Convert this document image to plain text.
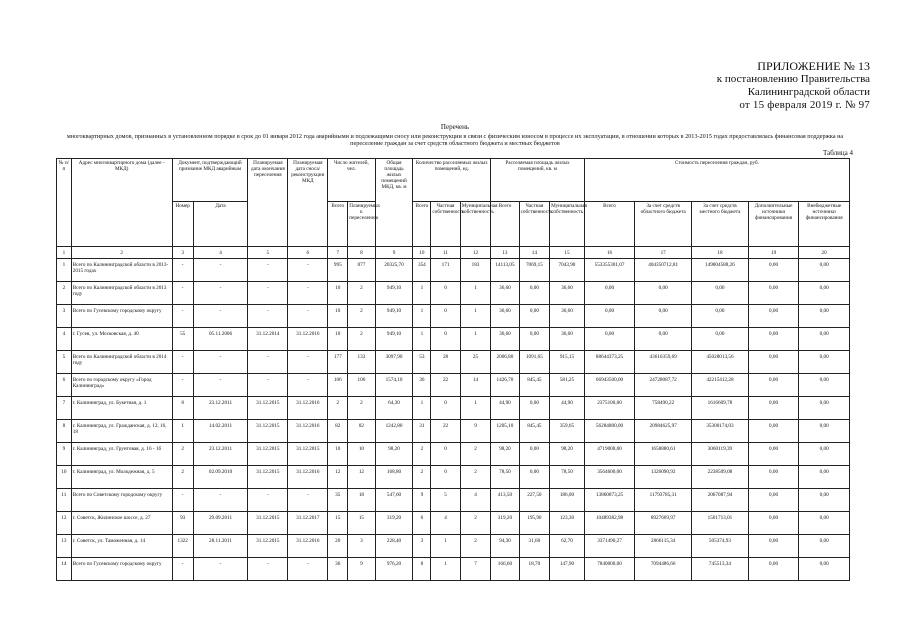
ПРИЛОЖЕНИЕ № 13
к постановлению Правительства
Калининградской области
от 15 февраля 2019 г. № 97
Перечень
многоквартирных домов, признанных в установленном порядке в срок до 01 января 2012 года аварийными и подлежащими сносу или реконструкции в связи с физическим износом в процессе их эксплуатации, в отношении которых в 2013-2015 годах предоставлялась финансовая поддержка на переселение граждан за счет средств областного бюджета и местных бюджетов
Таблица 4
№ п/п	Адрес многоквартирного дома (далее - МКД)	Документ, подтверждающий признание МКД аварийным		Планируемая дата окончания переселения	Планируемая дата сноса/реконструкции МКД	Число жителей, чел.		Общая площадь жилых помещений МКД, кв. м	Количество расселяемых жилых помещений, ед.			Расселяемая площадь жилых помещений, кв. м			Стоимость переселения граждан, руб.				
		Номер	Дата			Всего	Планируемых к переселению		Всего	Частная собственность	Муниципальная собственность	Всего	Частная собственность	Муниципальная собственность	Всего	За счет средств областного бюджета	За счет средств местного бюджета	Дополнительные источники финансирования	Внебюджетные источники финансирования
1	2	3	4	5	6	7	8	9	10	11	12	13	14	15	16	17	18	19	20
1	Всего по Калининградской области в 2013-2015 годах	-	-	-	-	995	877	20325,70	354	171	183	14113,05	7069,15	7043,90	553355301,07	404350712,81	149004588,26	0,00	0,00
2	Всего по Калининградской области в 2013 году	-	-	-	-	10	2	949,10	1	0	1	36,60	0,00	36,60	0,00	0,00	0,00	0,00	0,00
3	Всего по Гусевскому городскому округу	-	-	-	-	10	2	949,10	1	0	1	36,60	0,00	36,60	0,00	0,00	0,00	0,00	0,00
4	г. Гусев, ул. Московская, д. 40	55	05.11.2006	31.12.2014	31.12.2016	10	2	949,10	1	0	1	36,60	0,00	36,60	0,00	0,00	0,00	0,00	0,00
5	Всего по Калининградской области в 2014 году	-	-	-	-	177	133	3097,90	53	28	25	2006,80	1091,65	915,15	88644373,25	43616359,69	45028013,56	0,00	0,00
6	Всего по городскому округу «Город Калининград»	-	-	-	-	106	106	1574,10	36	22	14	1426,70	845,45	581,25	66943500,00	24728087,72	42215412,28	0,00	0,00
7	г. Калининград, ул. Букетная, д. 1	8	23.12.2011	31.12.2015	31.12.2016	2	2	64,30	1	0	1	44,90	0,00	44,90	2375100,00	758490,22	1616609,78	0,00	0,00
8	г. Калининград, ул. Гражданская, д. 12, 16, 18	1	14.02.2011	31.12.2015	31.12.2016	82	82	1242,80	31	22	9	1205,10	845,45	359,65	56284800,00	20984625,97	35300174,03	0,00	0,00
9	г. Калининград, ул. Грунтовая, д. 16 - 1б	2	23.12.2011	31.12.2015	31.12.2015	10	10	98,20	2	0	2	98,20	0,00	98,20	4719000,00	1658880,61	3060119,39	0,00	0,00
10	г. Калининград, ул. Молодежная, д. 5	2	02.09.2010	31.12.2015	31.12.2016	12	12	168,80	2	0	2	78,50	0,00	78,50	3564600,00	1326090,92	2238509,08	0,00	0,00
11	Всего по Советскому городскому округу	-	-	-	-	35	18	547,60	9	5	4	413,50	227,50	186,00	13860873,25	11793785,31	2067087,94	0,00	0,00
12	г. Советск, Жилинское шоссе, д. 27	93	29.09.2011	31.12.2015	31.12.2017	15	15	319,20	6	4	2	319,20	195,90	123,30	10489382,98	8927669,97	1561713,01	0,00	0,00
13	г. Советск, ул. Таможенная, д. 14	1322	28.11.2011	31.12.2015	31.12.2016	20	3	228,40	3	1	2	94,30	31,60	62,70	3371490,27	2866115,34	505374,93	0,00	0,00
14	Всего по Гусевскому городскому округу	-	-	-	-	36	9	976,20	8	1	7	166,60	18,70	147,90	7840000,00	7094486,66	745513,34	0,00	0,00
